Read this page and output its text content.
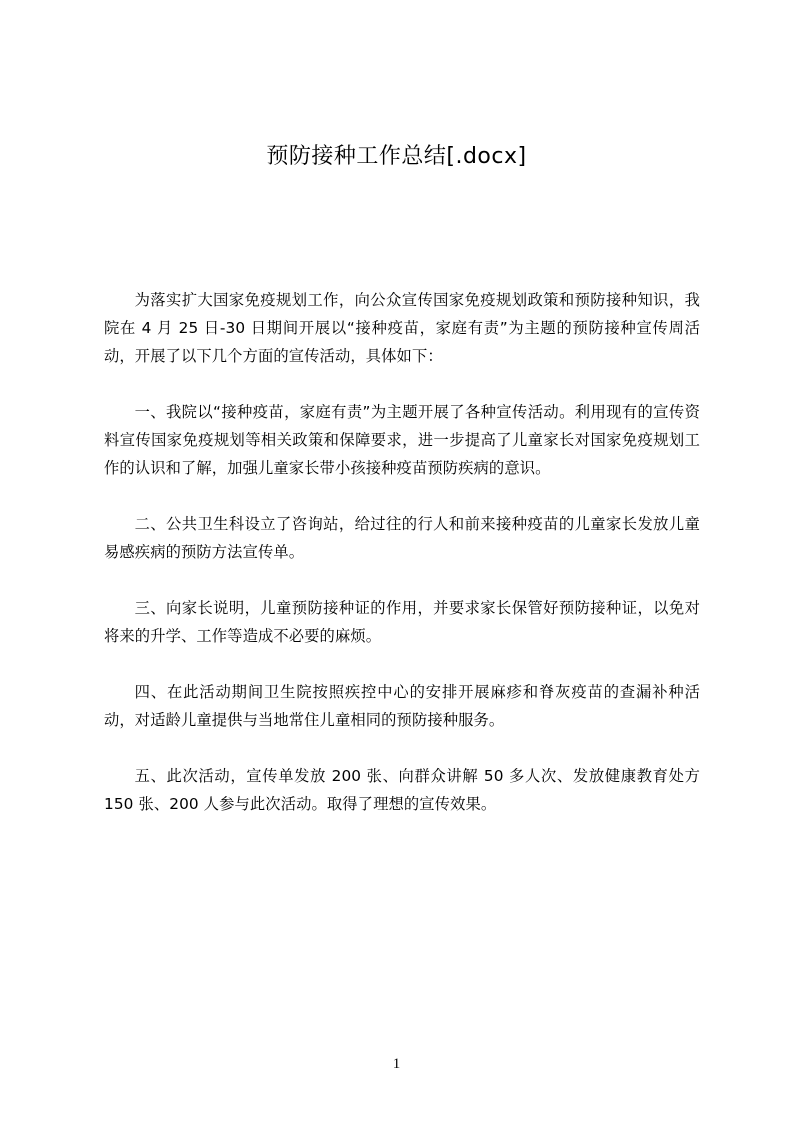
预防接种工作总结[.docx]

为落实扩大国家免疫规划工作，向公众宣传国家免疫规划政策和预防接种知识，我院在 4 月 25 日-30 日期间开展以“接种疫苗，家庭有责”为主题的预防接种宣传周活动，开展了以下几个方面的宣传活动，具体如下：

一、我院以“接种疫苗，家庭有责”为主题开展了各种宣传活动。利用现有的宣传资料宣传国家免疫规划等相关政策和保障要求，进一步提高了儿童家长对国家免疫规划工作的认识和了解，加强儿童家长带小孩接种疫苗预防疾病的意识。

二、公共卫生科设立了咨询站，给过往的行人和前来接种疫苗的儿童家长发放儿童易感疾病的预防方法宣传单。

三、向家长说明，儿童预防接种证的作用，并要求家长保管好预防接种证，以免对将来的升学、工作等造成不必要的麻烦。

四、在此活动期间卫生院按照疾控中心的安排开展麻疹和脊灰疫苗的查漏补种活动，对适龄儿童提供与当地常住儿童相同的预防接种服务。

五、此次活动，宣传单发放 200 张、向群众讲解 50 多人次、发放健康教育处方 150 张、200 人参与此次活动。取得了理想的宣传效果。

1
